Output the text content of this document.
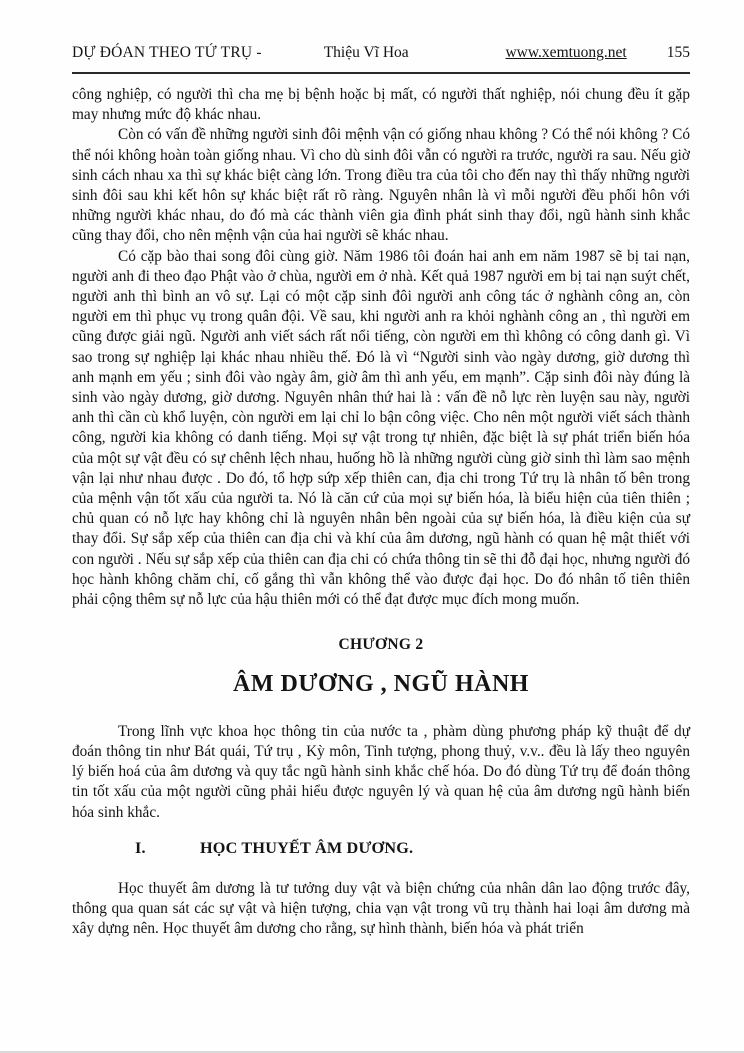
DỰ ĐÓAN THEO TỨ TRỤ -	Thiệu Vĩ Hoa	www.xemtuong.net	155

công nghiệp, có người thì cha mẹ bị bệnh hoặc bị mất, có người thất nghiệp, nói chung đều ít gặp may nhưng mức độ khác nhau.

Còn có vấn đề những người sinh đôi mệnh vận có giống nhau không ? Có thể nói không ? Có thể nói không hoàn toàn giống nhau. Vì cho dù sinh đôi vẫn có người ra trước, người ra sau. Nếu giờ sinh cách nhau xa thì sự khác biệt càng lớn. Trong điều tra của tôi cho đến nay thì thấy những người sinh đôi sau khi kết hôn sự khác biệt rất rõ ràng. Nguyên nhân là vì mỗi người đều phối hôn với những người khác nhau, do đó mà các thành viên gia đình phát sinh thay đổi, ngũ hành sinh khắc cũng thay đổi, cho nên mệnh vận của hai người sẽ khác nhau.

Có cặp bào thai song đôi cùng giờ. Năm 1986 tôi đoán hai anh em năm 1987 sẽ bị tai nạn, người anh đi theo đạo Phật vào ở chùa, người em ở nhà. Kết quả 1987 người em bị tai nạn suýt chết, người anh thì bình an vô sự. Lại có một cặp sinh đôi người anh công tác ở nghành công an, còn người em thì phục vụ trong quân đội. Về sau, khi người anh ra khỏi nghành công an , thì người em cũng được giải ngũ. Người anh viết sách rất nổi tiếng, còn người em thì không có công danh gì. Vì sao trong sự nghiệp lại khác nhau nhiều thế. Đó là vì “Người sinh vào ngày dương, giờ dương thì anh mạnh em yếu ; sinh đôi vào ngày âm, giờ âm thì anh yếu, em mạnh”. Cặp sinh đôi này đúng là sinh vào ngày dương, giờ dương. Nguyên nhân thứ hai là : vấn đề nỗ lực rèn luyện sau này, người anh thì cần cù khổ luyện, còn người em lại chỉ lo bận công việc. Cho nên một người viết sách thành công, người kia không có danh tiếng. Mọi sự vật trong tự nhiên, đặc biệt là sự phát triển biến hóa của một sự vật đều có sự chênh lệch nhau, huống hồ là những người cùng giờ sinh thì làm sao mệnh vận lại như nhau được . Do đó, tổ hợp sứp xếp thiên can, địa chi trong Tứ trụ là nhân tố bên trong của mệnh vận tốt xấu của người ta. Nó là căn cứ của mọi sự biến hóa, là biểu hiện của tiên thiên ; chủ quan có nỗ lực hay không chỉ là nguyên nhân bên ngoài của sự biến hóa, là điều kiện của sự thay đổi. Sự sắp xếp của thiên can địa chi và khí của âm dương, ngũ hành có quan hệ mật thiết với con người . Nếu sự sắp xếp của thiên can địa chi có chứa thông tin sẽ thi đỗ đại học, nhưng người đó học hành không chăm chỉ, cố gắng thì vẫn không thể vào được đại học. Do đó nhân tố tiên thiên phải cộng thêm sự nỗ lực của hậu thiên mới có thể đạt được mục đích mong muốn.

CHƯƠNG 2
ÂM DƯƠNG , NGŨ HÀNH

Trong lĩnh vực khoa học thông tin của nước ta , phàm dùng phương pháp kỹ thuật để dự đoán thông tin như Bát quái, Tứ trụ , Kỳ môn, Tinh tượng, phong thuỷ, v.v.. đều là lấy theo nguyên lý biến hoá của âm dương và quy tắc ngũ hành sinh khắc chế hóa. Do đó dùng Tứ trụ để đoán thông tin tốt xấu của một người cũng phải hiểu được nguyên lý và quan hệ của âm dương ngũ hành biến hóa sinh khắc.

I.	HỌC THUYẾT ÂM DƯƠNG.

Học thuyết âm dương là tư tưởng duy vật và biện chứng của nhân dân lao động trước đây, thông qua quan sát các sự vật và hiện tượng, chia vạn vật trong vũ trụ thành hai loại âm dương mà xây dựng nên. Học thuyết âm dương cho rằng, sự hình thành, biến hóa và phát triển
